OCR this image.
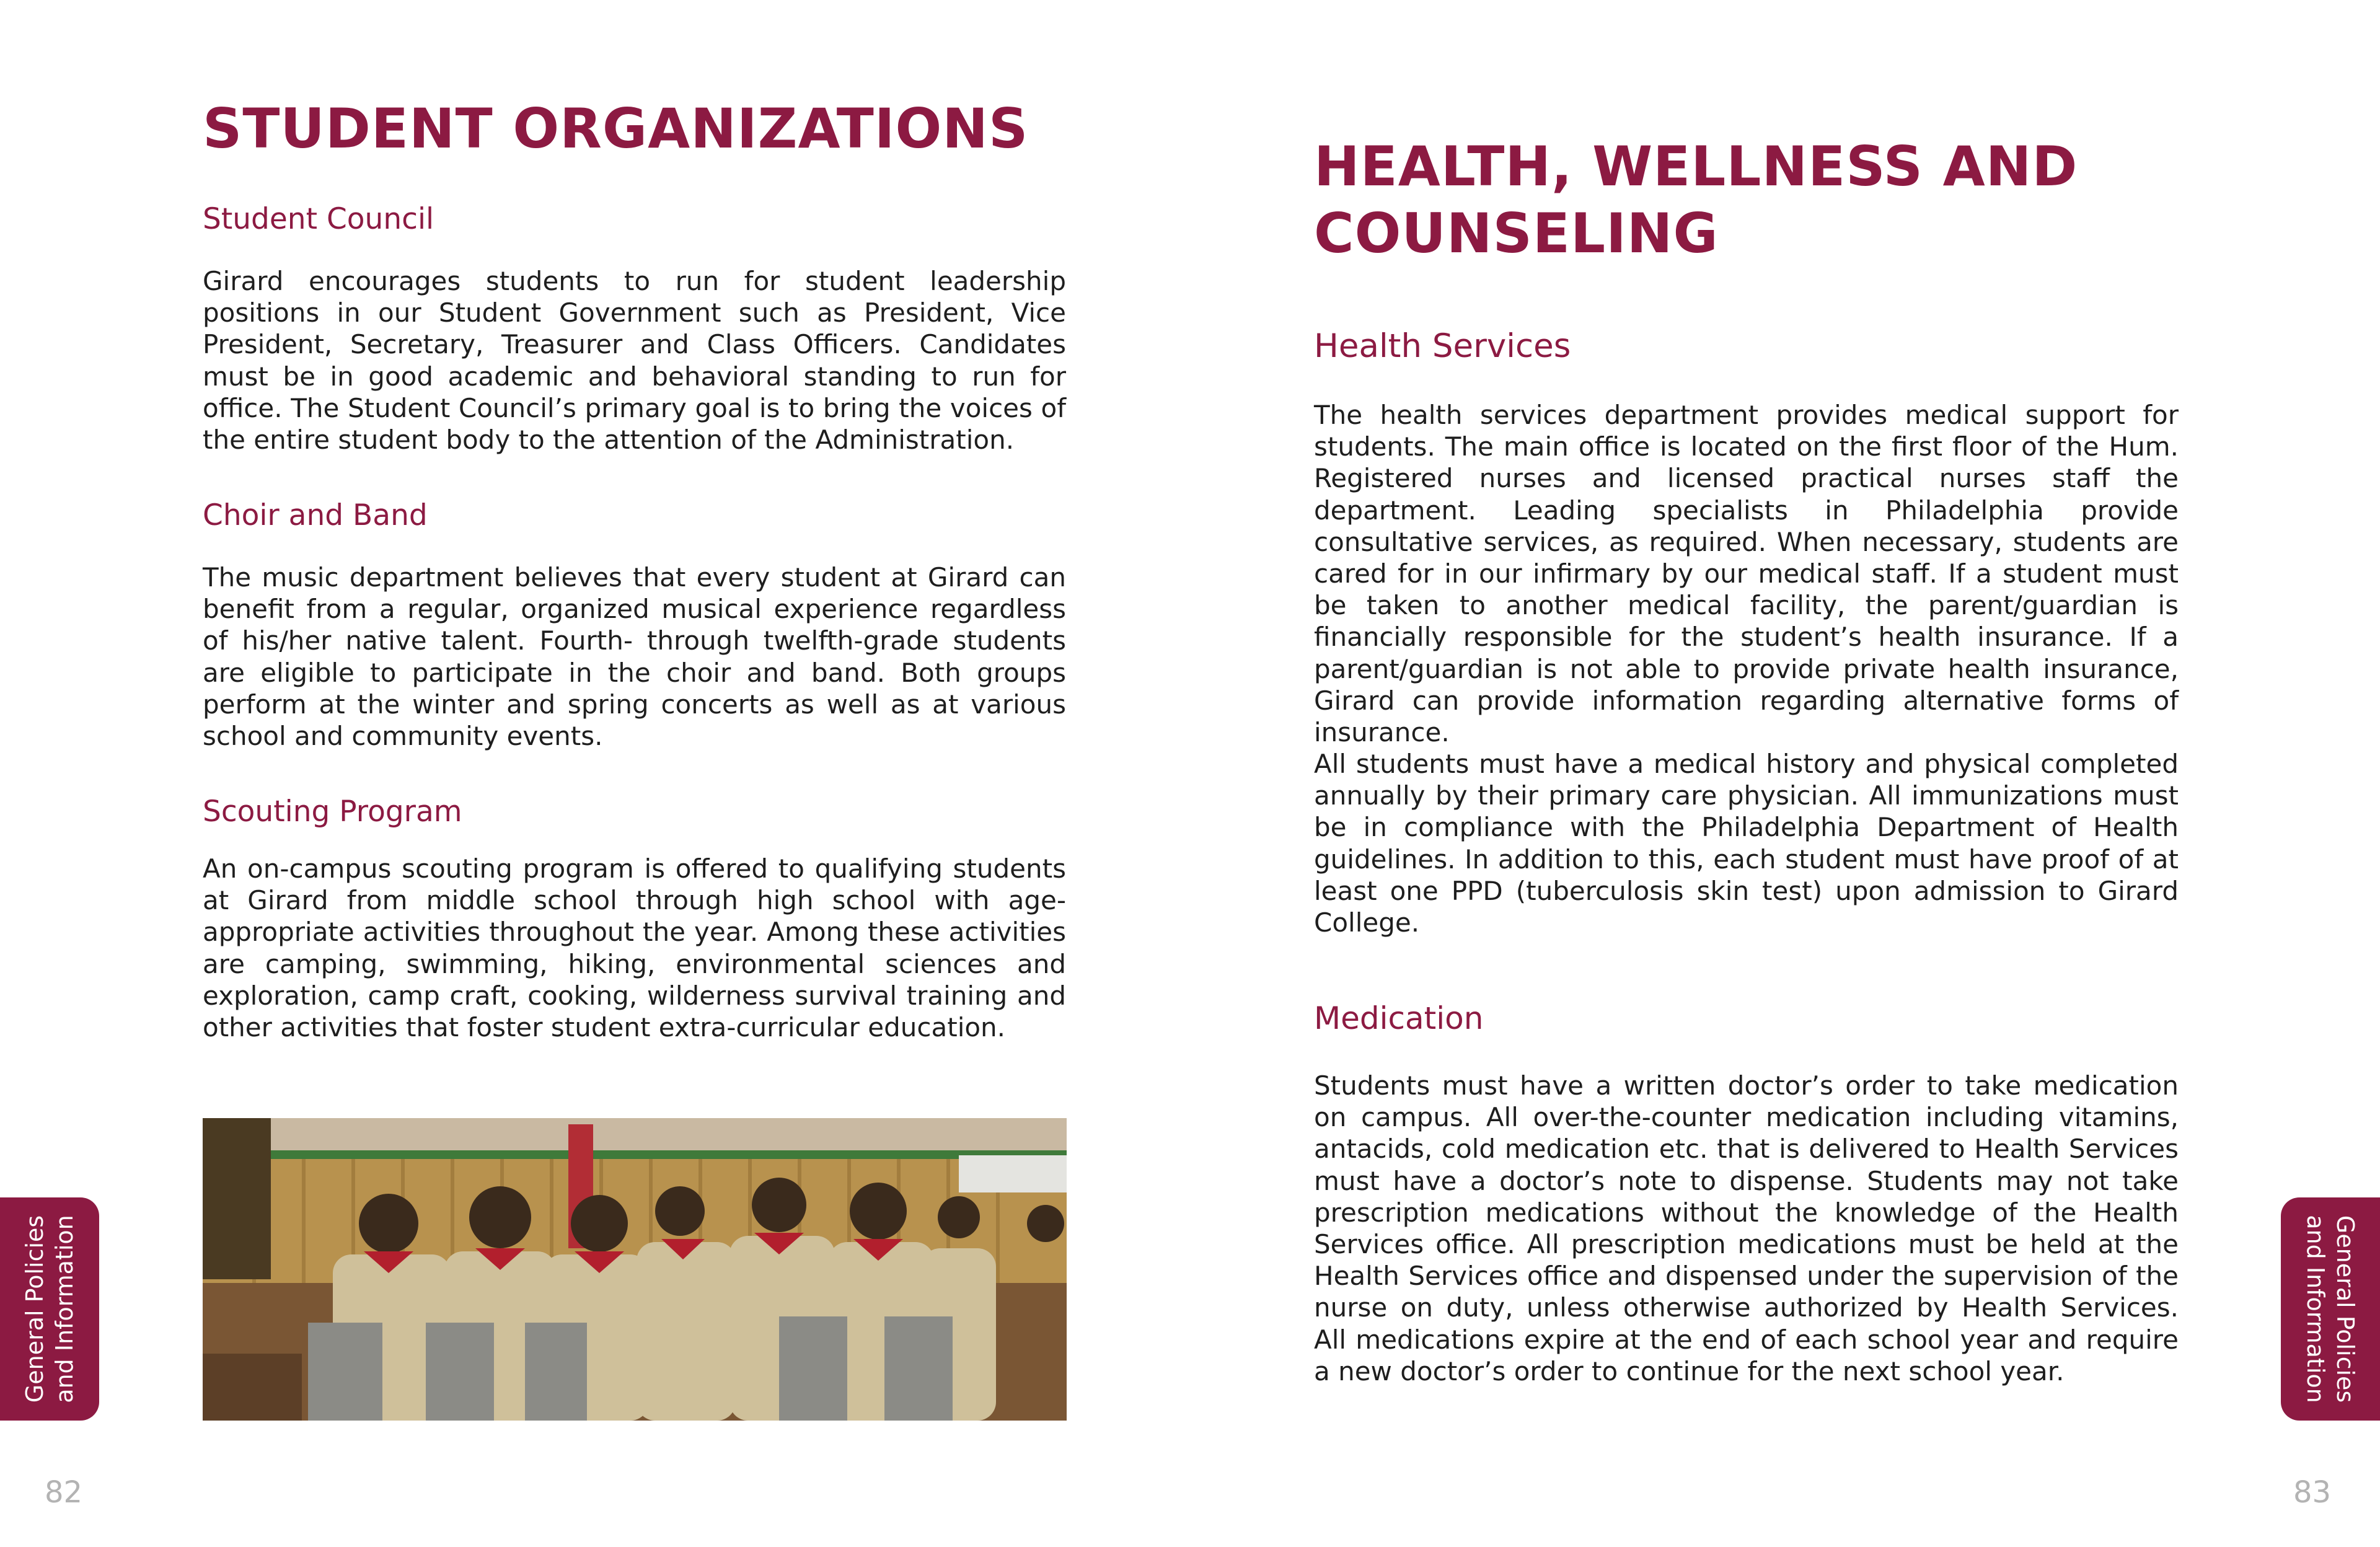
STUDENT ORGANIZATIONS
Student Council

Girard encourages students to run for student leadership positions in our Student Government such as President, Vice President, Secretary, Treasurer and Class Officers. Candidates must be in good academic and behavioral standing to run for office. The Student Council’s primary goal is to bring the voices of the entire student body to the attention of the Administration.

Choir and Band

The music department believes that every student at Girard can benefit from a regular, organized musical experience regardless of his/her native talent. Fourth- through twelfth-grade students are eligible to participate in the choir and band. Both groups perform at the winter and spring concerts as well as at various school and community events.

Scouting Program

An on-campus scouting program is offered to qualifying students at Girard from middle school through high school with age-appropriate activities throughout the year. Among these activities are camping, swimming, hiking, environmental sciences and exploration, camp craft, cooking, wilderness survival training and other activities that foster student extra-curricular education.

General Policies
and Information
82
HEALTH, WELLNESS AND COUNSELING
Health Services

The health services department provides medical support for students. The main office is located on the first floor of the Hum. Registered nurses and licensed practical nurses staff the department. Leading specialists in Philadelphia provide consultative services, as required. When necessary, students are cared for in our infirmary by our medical staff. If a student must be taken to another medical facility, the parent/guardian is financially responsible for the student’s health insurance. If a parent/guardian is not able to provide private health insurance, Girard can provide information regarding alternative forms of insurance.

All students must have a medical history and physical completed annually by their primary care physician. All immunizations must be in compliance with the Philadelphia Department of Health guidelines. In addition to this, each student must have proof of at least one PPD (tuberculosis skin test) upon admission to Girard College.

Medication

Students must have a written doctor’s order to take medication on campus. All over-the-counter medication including vitamins, antacids, cold medication etc. that is delivered to Health Services must have a doctor’s note to dispense. Students may not take prescription medications without the knowledge of the Health Services office. All prescription medications must be held at the Health Services office and dispensed under the supervision of the nurse on duty, unless otherwise authorized by Health Services. All medications expire at the end of each school year and require a new doctor’s order to continue for the next school year.

General Policies
and Information
83
